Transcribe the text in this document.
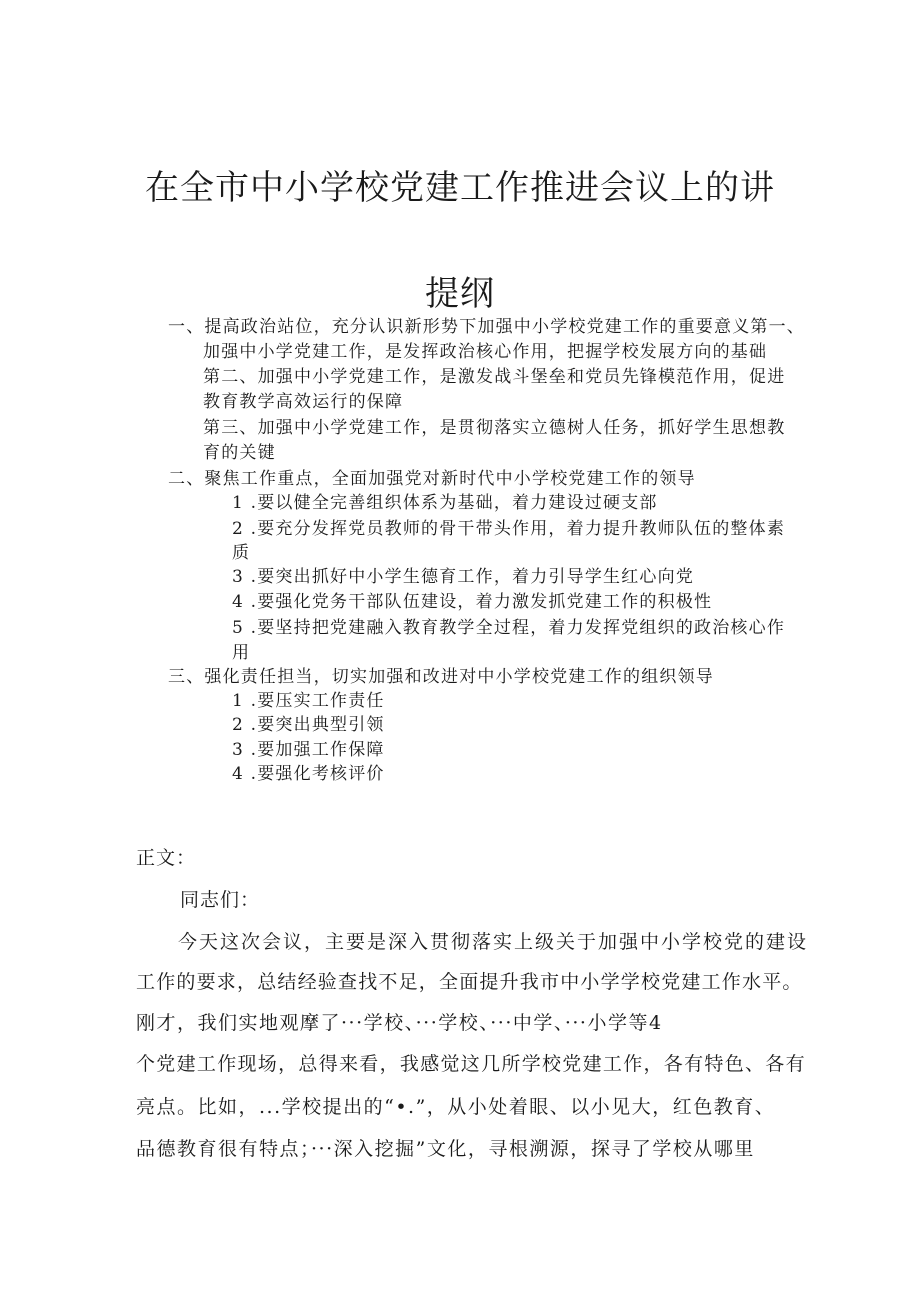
在全市中小学校党建工作推进会议上的讲
提纲
一、提高政治站位，充分认识新形势下加强中小学校党建工作的重要意义第一、
加强中小学党建工作，是发挥政治核心作用，把握学校发展方向的基础
第二、加强中小学党建工作，是激发战斗堡垒和党员先锋模范作用，促进
教育教学高效运行的保障
第三、加强中小学党建工作，是贯彻落实立德树人任务，抓好学生思想教
育的关键
二、聚焦工作重点，全面加强党对新时代中小学校党建工作的领导
1 .要以健全完善组织体系为基础，着力建设过硬支部
2 .要充分发挥党员教师的骨干带头作用，着力提升教师队伍的整体素
质
3 .要突出抓好中小学生德育工作，着力引导学生红心向党
4 .要强化党务干部队伍建设，着力激发抓党建工作的积极性
5 .要坚持把党建融入教育教学全过程，着力发挥党组织的政治核心作
用
三、强化责任担当，切实加强和改进对中小学校党建工作的组织领导
1 .要压实工作责任
2 .要突出典型引领
3 .要加强工作保障
4 .要强化考核评价
正文：
同志们：
今天这次会议，主要是深入贯彻落实上级关于加强中小学校党的建设
工作的要求，总结经验查找不足，全面提升我市中小学学校党建工作水平。
刚才，我们实地观摩了···学校、···学校、···中学、···小学等4
个党建工作现场，总得来看，我感觉这几所学校党建工作，各有特色、各有
亮点。比如，...学校提出的“•.”，从小处着眼、以小见大，红色教育、
品德教育很有特点；···深入挖掘”文化，寻根溯源，探寻了学校从哪里
